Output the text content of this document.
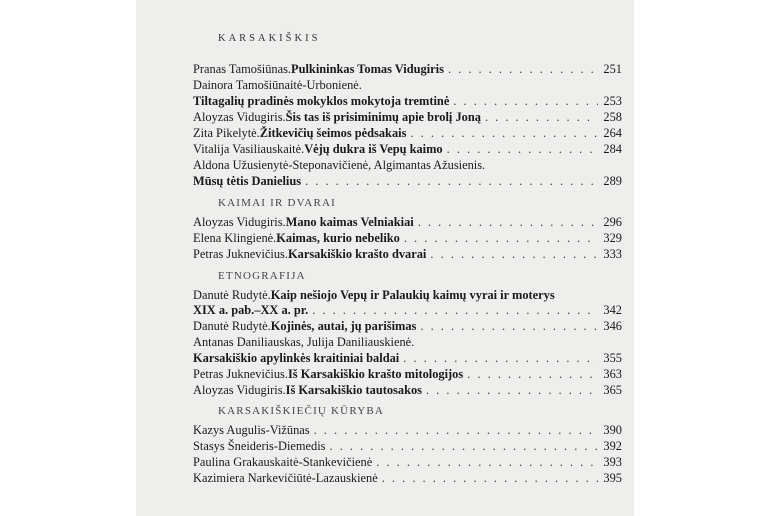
KARSAKIŠKIS
Pranas Tamošiūnas. Pulkininkas Tomas Vidugiris . . .	251
Dainora Tamošiūnaitė-Urbonienė.
Tiltagalių pradinės mokyklos mokytoja tremtinė . . .	253
Aloyzas Vidugiris. Šis tas iš prisiminimų apie brolį Joną . . .	258
Zita Pikelytė. Žitkevičių šeimos pėdsakais . . .	264
Vitalija Vasiliauskaitė. Vėjų dukra iš Vepų kaimo . . .	284
Aldona Užusienytė-Steponavičienė, Algimantas Ažusienis.
Mūsų tėtis Danielius . . .	289
KAIMAI IR DVARAI
Aloyzas Vidugiris. Mano kaimas Velniakiai . . .	296
Elena Klingienė. Kaimas, kurio nebeliko . . .	329
Petras Juknevičius. Karsakiškio krašto dvarai . . .	333
ETNOGRAFIJA
Danutė Rudytė. Kaip nešiojo Vepų ir Palaukių kaimų vyrai ir moterys
XIX a. pab.–XX a. pr. . . .	342
Danutė Rudytė. Kojinės, autai, jų parišimas . . .	346
Antanas Daniliauskas, Julija Daniliauskienė.
Karsakiškio apylinkės kraitiniai baldai . . .	355
Petras Juknevičius. Iš Karsakiškio krašto mitologijos . . .	363
Aloyzas Vidugiris. Iš Karsakiškio tautosakos . . .	365
KARSAKIŠKIEČIŲ KŪRYBA
Kazys Augulis-Vižūnas . . .	390
Stasys Šneideris-Diemedis . . .	392
Paulina Grakauskaitė-Stankevičienė . . .	393
Kazimiera Narkevičiūtė-Lazauskienė . . .	395
